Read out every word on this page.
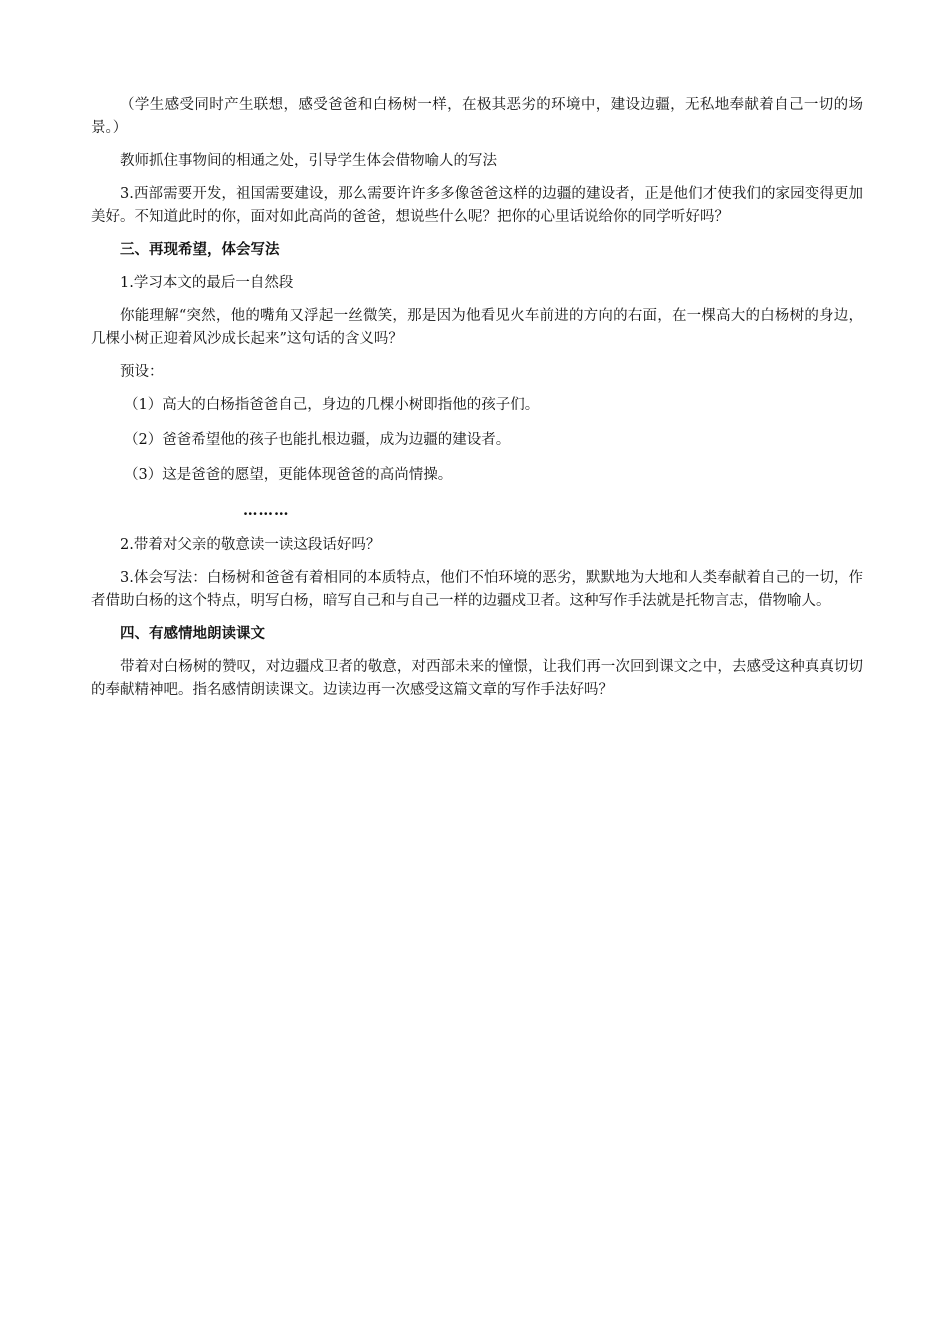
（学生感受同时产生联想，感受爸爸和白杨树一样，在极其恶劣的环境中，建设边疆，无私地奉献着自己一切的场景。）

教师抓住事物间的相通之处，引导学生体会借物喻人的写法

3.西部需要开发，祖国需要建设，那么需要许许多多像爸爸这样的边疆的建设者，正是他们才使我们的家园变得更加美好。不知道此时的你，面对如此高尚的爸爸，想说些什么呢？把你的心里话说给你的同学听好吗？

三、再现希望，体会写法

1.学习本文的最后一自然段

你能理解“突然，他的嘴角又浮起一丝微笑，那是因为他看见火车前进的方向的右面，在一棵高大的白杨树的身边，几棵小树正迎着风沙成长起来”这句话的含义吗？

预设：

（1）高大的白杨指爸爸自己，身边的几棵小树即指他的孩子们。

（2）爸爸希望他的孩子也能扎根边疆，成为边疆的建设者。

（3）这是爸爸的愿望，更能体现爸爸的高尚情操。

………

2.带着对父亲的敬意读一读这段话好吗？

3.体会写法：白杨树和爸爸有着相同的本质特点，他们不怕环境的恶劣，默默地为大地和人类奉献着自己的一切，作者借助白杨的这个特点，明写白杨，暗写自己和与自己一样的边疆戍卫者。这种写作手法就是托物言志，借物喻人。

四、有感情地朗读课文

带着对白杨树的赞叹，对边疆戍卫者的敬意，对西部未来的憧憬，让我们再一次回到课文之中，去感受这种真真切切的奉献精神吧。指名感情朗读课文。边读边再一次感受这篇文章的写作手法好吗？
